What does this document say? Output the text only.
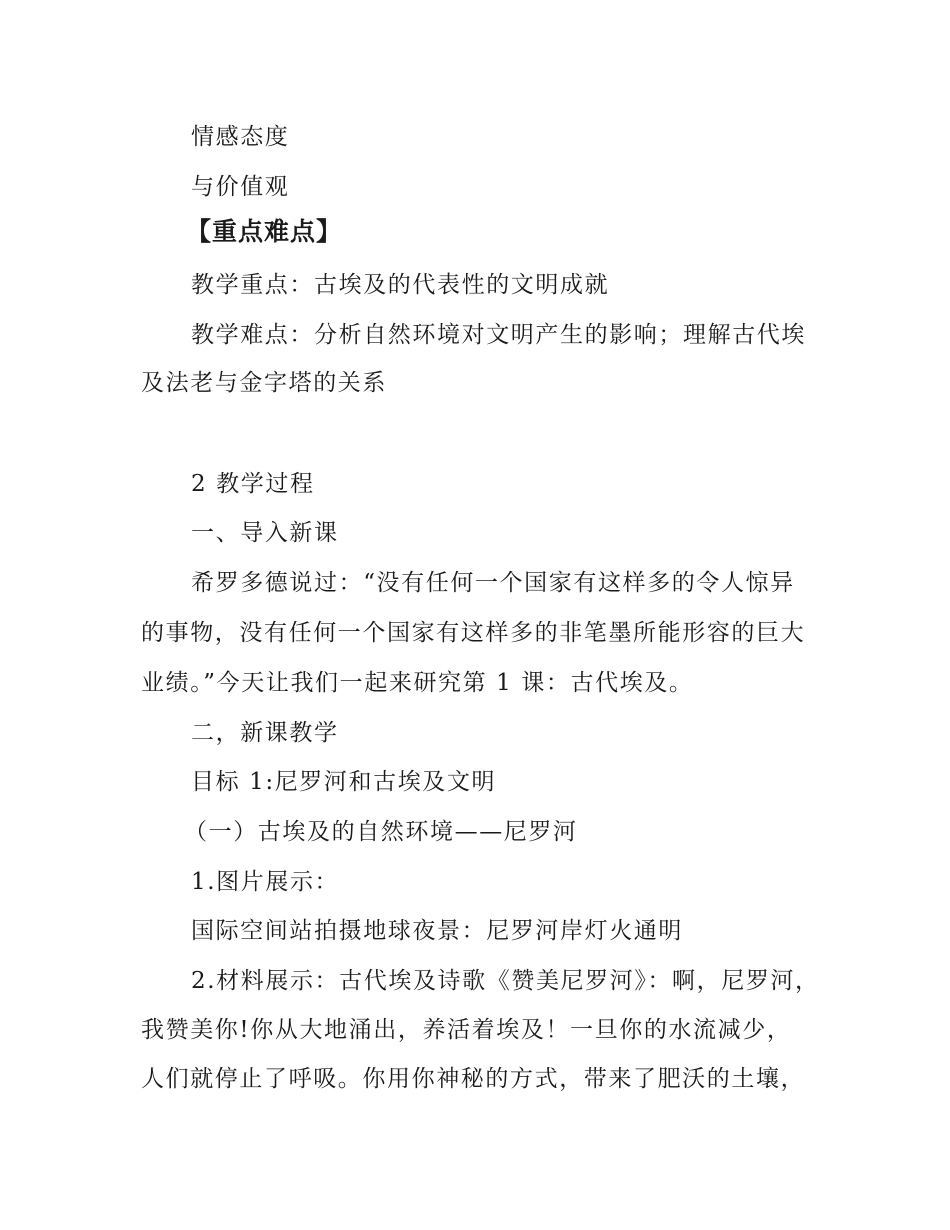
情感态度
与价值观
【重点难点】
教学重点：古埃及的代表性的文明成就
教学难点：分析自然环境对文明产生的影响；理解古代埃
及法老与金字塔的关系
2 教学过程
一、导入新课
希罗多德说过：“没有任何一个国家有这样多的令人惊异
的事物，没有任何一个国家有这样多的非笔墨所能形容的巨大
业绩。”今天让我们一起来研究第 1 课：古代埃及。
二，新课教学
目标 1:尼罗河和古埃及文明
（一）古埃及的自然环境——尼罗河
1.图片展示：
国际空间站拍摄地球夜景：尼罗河岸灯火通明
2.材料展示：古代埃及诗歌《赞美尼罗河》：啊，尼罗河，
我赞美你!你从大地涌出，养活着埃及！一旦你的水流减少，
人们就停止了呼吸。你用你神秘的方式，带来了肥沃的土壤，
